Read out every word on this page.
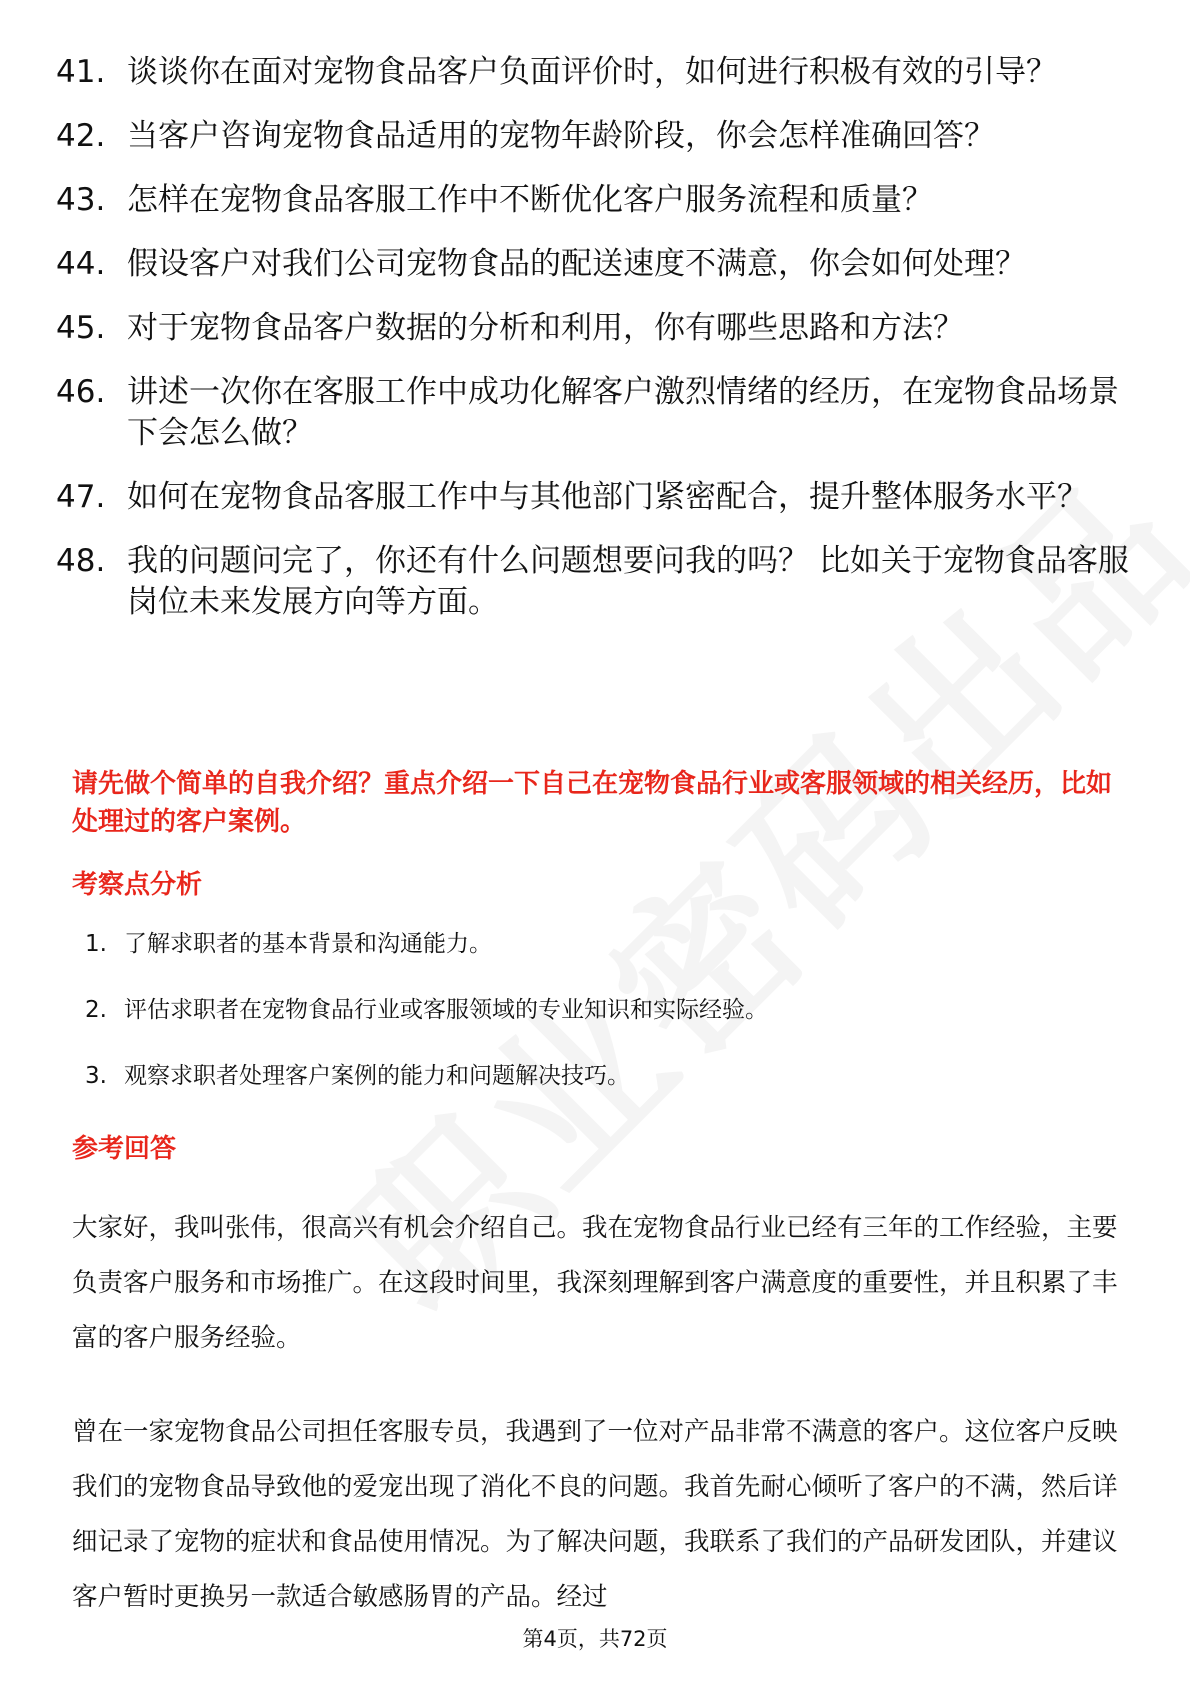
41. 谈谈你在面对宠物食品客户负面评价时，如何进行积极有效的引导？
42. 当客户咨询宠物食品适用的宠物年龄阶段，你会怎样准确回答？
43. 怎样在宠物食品客服工作中不断优化客户服务流程和质量？
44. 假设客户对我们公司宠物食品的配送速度不满意，你会如何处理？
45. 对于宠物食品客户数据的分析和利用，你有哪些思路和方法？
46. 讲述一次你在客服工作中成功化解客户激烈情绪的经历，在宠物食品场景下会怎么做？
47. 如何在宠物食品客服工作中与其他部门紧密配合，提升整体服务水平？
48. 我的问题问完了，你还有什么问题想要问我的吗？ 比如关于宠物食品客服岗位未来发展方向等方面。
请先做个简单的自我介绍？重点介绍一下自己在宠物食品行业或客服领域的相关经历，比如处理过的客户案例。
考察点分析
1. 了解求职者的基本背景和沟通能力。
2. 评估求职者在宠物食品行业或客服领域的专业知识和实际经验。
3. 观察求职者处理客户案例的能力和问题解决技巧。
参考回答

大家好，我叫张伟，很高兴有机会介绍自己。我在宠物食品行业已经有三年的工作经验，主要负责客户服务和市场推广。在这段时间里，我深刻理解到客户满意度的重要性，并且积累了丰富的客户服务经验。

曾在一家宠物食品公司担任客服专员，我遇到了一位对产品非常不满意的客户。这位客户反映我们的宠物食品导致他的爱宠出现了消化不良的问题。我首先耐心倾听了客户的不满，然后详细记录了宠物的症状和食品使用情况。为了解决问题，我联系了我们的产品研发团队，并建议客户暂时更换另一款适合敏感肠胃的产品。经过

第4页，共72页
